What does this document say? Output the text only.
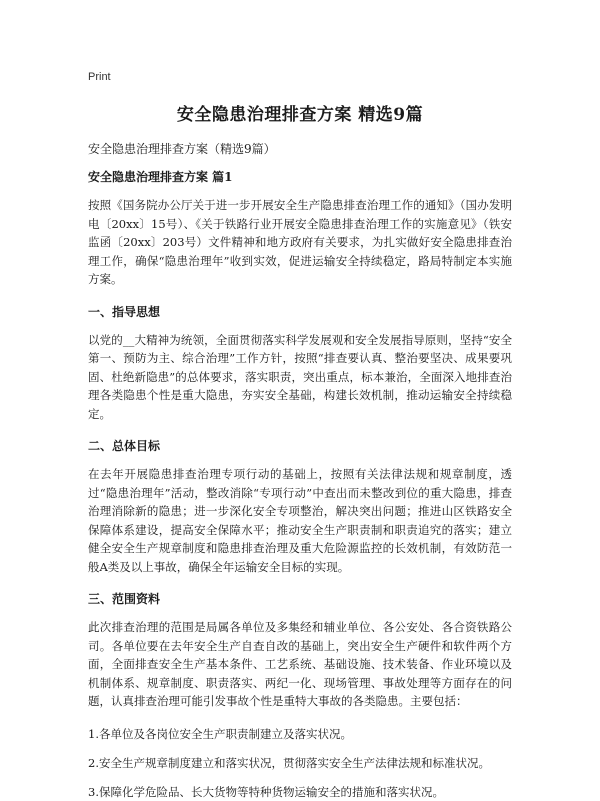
Print
安全隐患治理排查方案 精选9篇
安全隐患治理排查方案（精选9篇）
安全隐患治理排查方案 篇1

按照《国务院办公厅关于进一步开展安全生产隐患排查治理工作的通知》（国办发明电〔20xx〕15号）、《关于铁路行业开展安全隐患排查治理工作的实施意见》（铁安监函〔20xx〕203号）文件精神和地方政府有关要求，为扎实做好安全隐患排查治理工作，确保“隐患治理年”收到实效，促进运输安全持续稳定，路局特制定本实施方案。

一、指导思想

以党的__大精神为统领，全面贯彻落实科学发展观和安全发展指导原则，坚持“安全第一、预防为主、综合治理”工作方针，按照“排查要认真、整治要坚决、成果要巩固、杜绝新隐患”的总体要求，落实职责，突出重点，标本兼治，全面深入地排查治理各类隐患个性是重大隐患，夯实安全基础，构建长效机制，推动运输安全持续稳定。

二、总体目标

在去年开展隐患排查治理专项行动的基础上，按照有关法律法规和规章制度，透过“隐患治理年”活动，整改消除“专项行动”中查出而未整改到位的重大隐患，排查治理消除新的隐患；进一步深化安全专项整治，解决突出问题；推进山区铁路安全保障体系建设，提高安全保障水平；推动安全生产职责制和职责追究的落实；建立健全安全生产规章制度和隐患排查治理及重大危险源监控的长效机制，有效防范一般A类及以上事故，确保全年运输安全目标的实现。

三、范围资料

此次排查治理的范围是局属各单位及多集经和辅业单位、各公安处、各合资铁路公司。各单位要在去年安全生产自查自改的基础上，突出安全生产硬件和软件两个方面，全面排查安全生产基本条件、工艺系统、基础设施、技术装备、作业环境以及机制体系、规章制度、职责落实、两纪一化、现场管理、事故处理等方面存在的问题，认真排查治理可能引发事故个性是重特大事故的各类隐患。主要包括：

1.各单位及各岗位安全生产职责制建立及落实状况。

2.安全生产规章制度建立和落实状况，贯彻落实安全生产法律法规和标准状况。

3.保障化学危险品、长大货物等特种货物运输安全的措施和落实状况。
